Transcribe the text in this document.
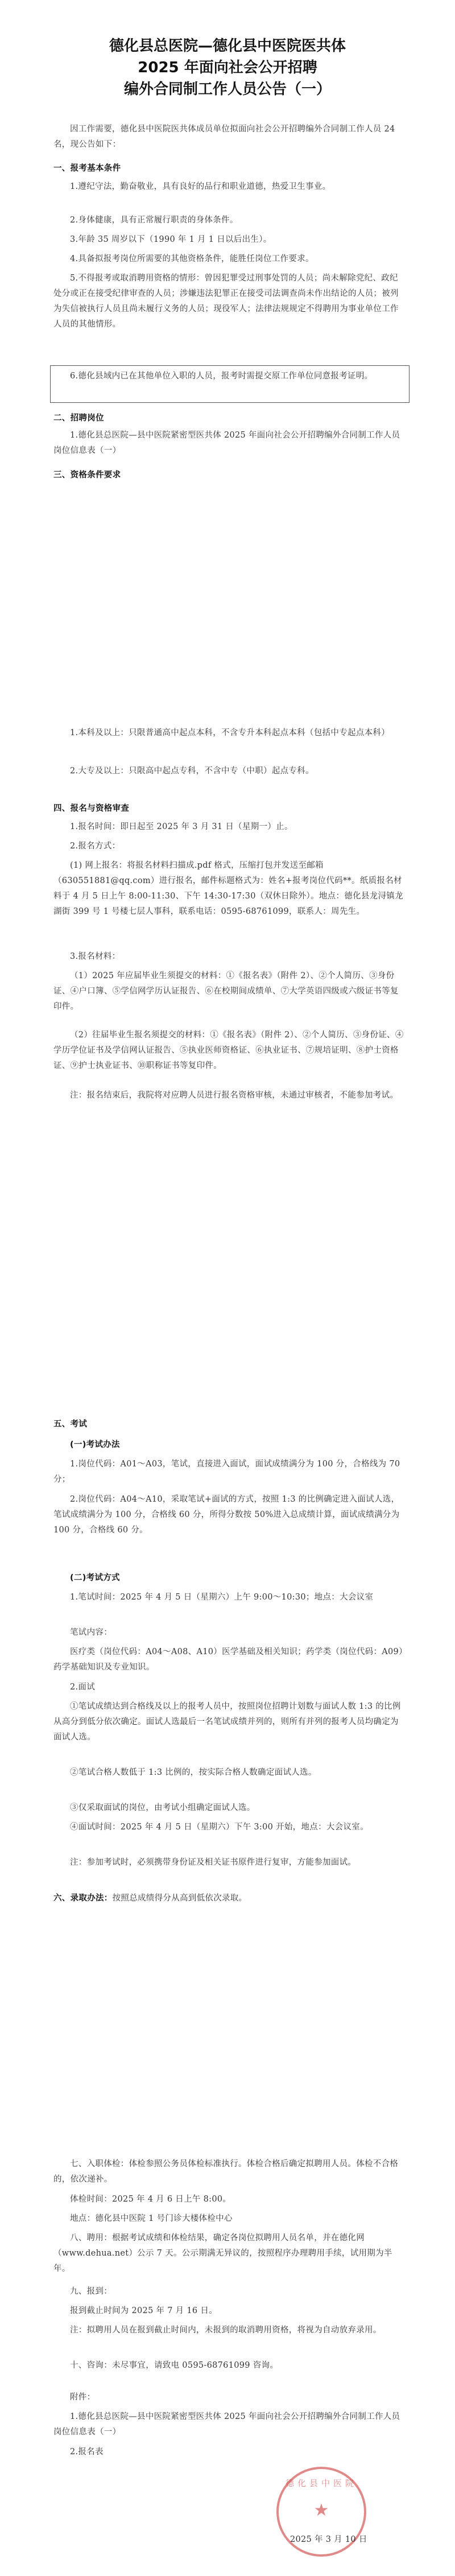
德化县总医院—德化县中医院医共体
2025 年面向社会公开招聘
编外合同制工作人员公告（一）
因工作需要，德化县中医院医共体成员单位拟面向社会公开招聘编外合同制工作人员 24 名，现公告如下：
一、报考基本条件
1.遵纪守法，勤奋敬业，具有良好的品行和职业道德，热爱卫生事业。
2.身体健康，具有正常履行职责的身体条件。
3.年龄 35 周岁以下（1990 年 1 月 1 日以后出生）。
4.具备拟报考岗位所需要的其他资格条件，能胜任岗位工作要求。
5.不得报考或取消聘用资格的情形：曾因犯罪受过刑事处罚的人员；尚未解除党纪、政纪处分或正在接受纪律审查的人员；涉嫌违法犯罪正在接受司法调查尚未作出结论的人员；被列为失信被执行人员且尚未履行义务的人员；现役军人；法律法规规定不得聘用为事业单位工作人员的其他情形。
6.德化县域内已在其他单位入职的人员，报考时需提交原工作单位同意报考证明。
二、招聘岗位
1.德化县总医院—县中医院紧密型医共体 2025 年面向社会公开招聘编外合同制工作人员岗位信息表（一）
三、资格条件要求
1.本科及以上：只限普通高中起点本科，不含专升本科起点本科（包括中专起点本科）
2.大专及以上：只限高中起点专科，不含中专（中职）起点专科。
四、报名与资格审查
1.报名时间：即日起至 2025 年 3 月 31 日（星期一）止。
2.报名方式：
(1) 网上报名：将报名材料扫描成.pdf 格式，压缩打包并发送至邮箱（630551881@qq.com）进行报名，邮件标题格式为：姓名+报考岗位代码**。纸质报名材料于 4 月 5 日上午 8:00-11:30、下午 14:30-17:30（双休日除外）。地点：德化县龙浔镇龙湖街 399 号 1 号楼七层人事科，联系电话：0595-68761099，联系人：周先生。
3.报名材料：
（1）2025 年应届毕业生须提交的材料：①《报名表》（附件 2）、②个人简历、③身份证、④户口簿、⑤学信网学历认证报告、⑥在校期间成绩单、⑦大学英语四级或六级证书等复印件。
（2）往届毕业生报名须提交的材料：①《报名表》（附件 2）、②个人简历、③身份证、④学历学位证书及学信网认证报告、⑤执业医师资格证、⑥执业证书、⑦规培证明、⑧护士资格证、⑨护士执业证书、⑩职称证书等复印件。
注：报名结束后，我院将对应聘人员进行报名资格审核，未通过审核者，不能参加考试。
五、考试
(一)考试办法
1.岗位代码：A01～A03，笔试，直接进入面试，面试成绩满分为 100 分，合格线为 70 分；
2.岗位代码：A04～A10，采取笔试+面试的方式，按照 1:3 的比例确定进入面试人选，笔试成绩满分为 100 分，合格线 60 分，所得分数按 50%进入总成绩计算，面试成绩满分为 100 分，合格线 60 分。
(二)考试方式
1.笔试时间：2025 年 4 月 5 日（星期六）上午 9:00～10:30；地点：大会议室
笔试内容：
医疗类（岗位代码：A04～A08、A10）医学基础及相关知识；药学类（岗位代码：A09）药学基础知识及专业知识。
2.面试
①笔试成绩达到合格线及以上的报考人员中，按照岗位招聘计划数与面试人数 1:3 的比例从高分到低分依次确定。面试人选最后一名笔试成绩并列的，则所有并列的报考人员均确定为面试人选。
②笔试合格人数低于 1:3 比例的，按实际合格人数确定面试人选。
③仅采取面试的岗位，由考试小组确定面试人选。
④面试时间：2025 年 4 月 5 日（星期六）下午 3:00 开始，地点：大会议室。
注：参加考试时，必须携带身份证及相关证书原件进行复审，方能参加面试。
六、录取办法：按照总成绩得分从高到低依次录取。
七、入职体检：体检参照公务员体检标准执行。体检合格后确定拟聘用人员。体检不合格的，依次递补。
体检时间：2025 年 4 月 6 日上午 8:00。
地点：德化县中医院 1 号门诊大楼体检中心
八、聘用：根据考试成绩和体检结果，确定各岗位拟聘用人员名单，并在德化网（www.dehua.net）公示 7 天。公示期满无异议的，按照程序办理聘用手续，试用期为半年。
九、报到：
报到截止时间为 2025 年 7 月 16 日。
注：拟聘用人员在报到截止时间内，未报到的取消聘用资格，将视为自动放弃录用。
十、咨询：未尽事宜，请致电 0595-68761099 咨询。
附件：
1.德化县总医院—县中医院紧密型医共体 2025 年面向社会公开招聘编外合同制工作人员岗位信息表（一）
2.报名表
德化县中医院
★
2025 年 3 月 10 日
